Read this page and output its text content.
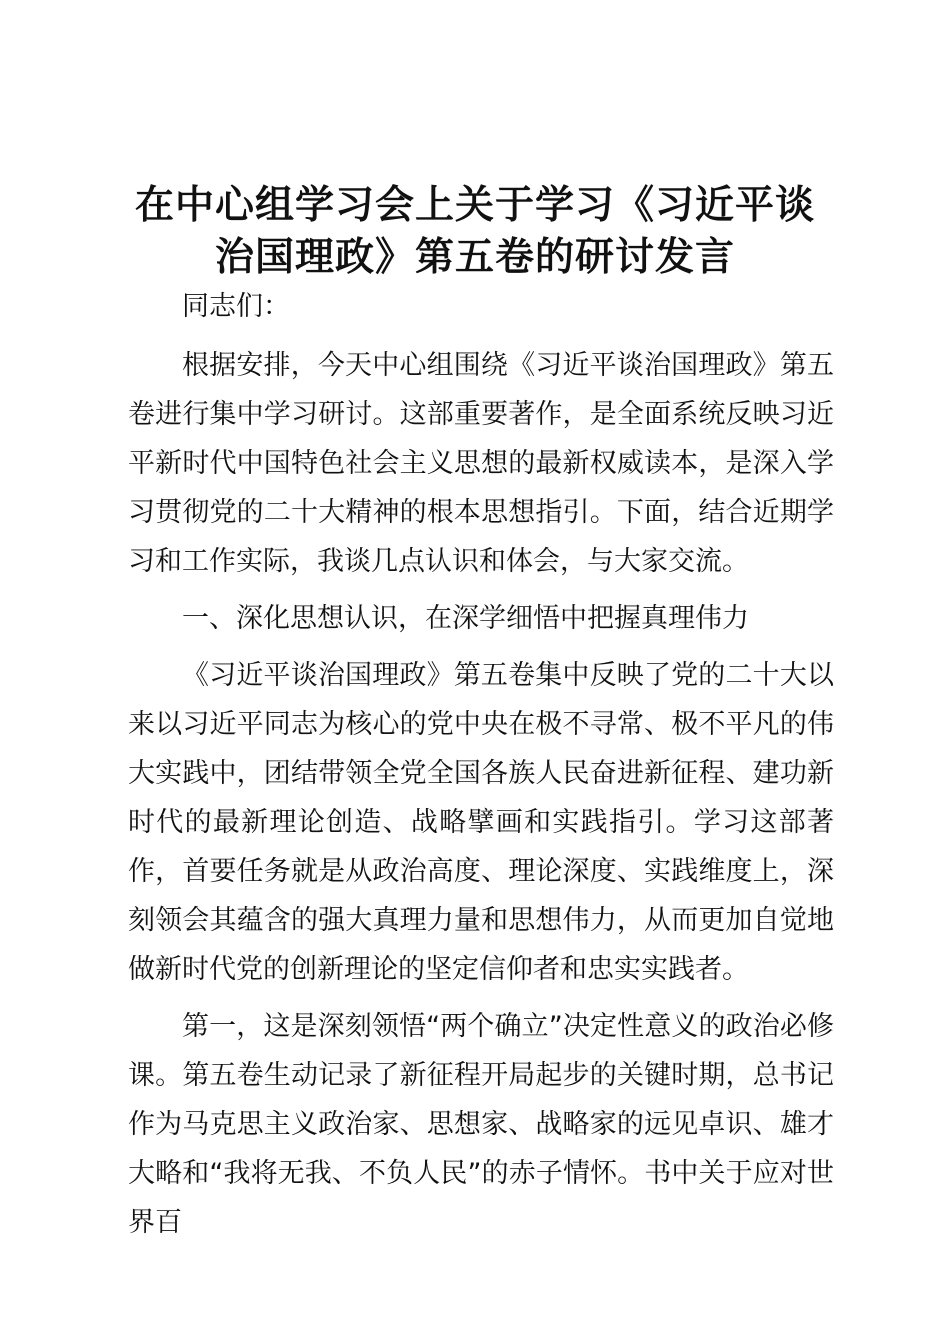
在中心组学习会上关于学习《习近平谈
治国理政》第五卷的研讨发言

同志们：

根据安排，今天中心组围绕《习近平谈治国理政》第五卷进行集中学习研讨。这部重要著作，是全面系统反映习近平新时代中国特色社会主义思想的最新权威读本，是深入学习贯彻党的二十大精神的根本思想指引。下面，结合近期学习和工作实际，我谈几点认识和体会，与大家交流。

一、深化思想认识，在深学细悟中把握真理伟力

《习近平谈治国理政》第五卷集中反映了党的二十大以来以习近平同志为核心的党中央在极不寻常、极不平凡的伟大实践中，团结带领全党全国各族人民奋进新征程、建功新时代的最新理论创造、战略擘画和实践指引。学习这部著作，首要任务就是从政治高度、理论深度、实践维度上，深刻领会其蕴含的强大真理力量和思想伟力，从而更加自觉地做新时代党的创新理论的坚定信仰者和忠实实践者。

第一，这是深刻领悟“两个确立”决定性意义的政治必修课。第五卷生动记录了新征程开局起步的关键时期，总书记作为马克思主义政治家、思想家、战略家的远见卓识、雄才大略和“我将无我、不负人民”的赤子情怀。书中关于应对世界百
